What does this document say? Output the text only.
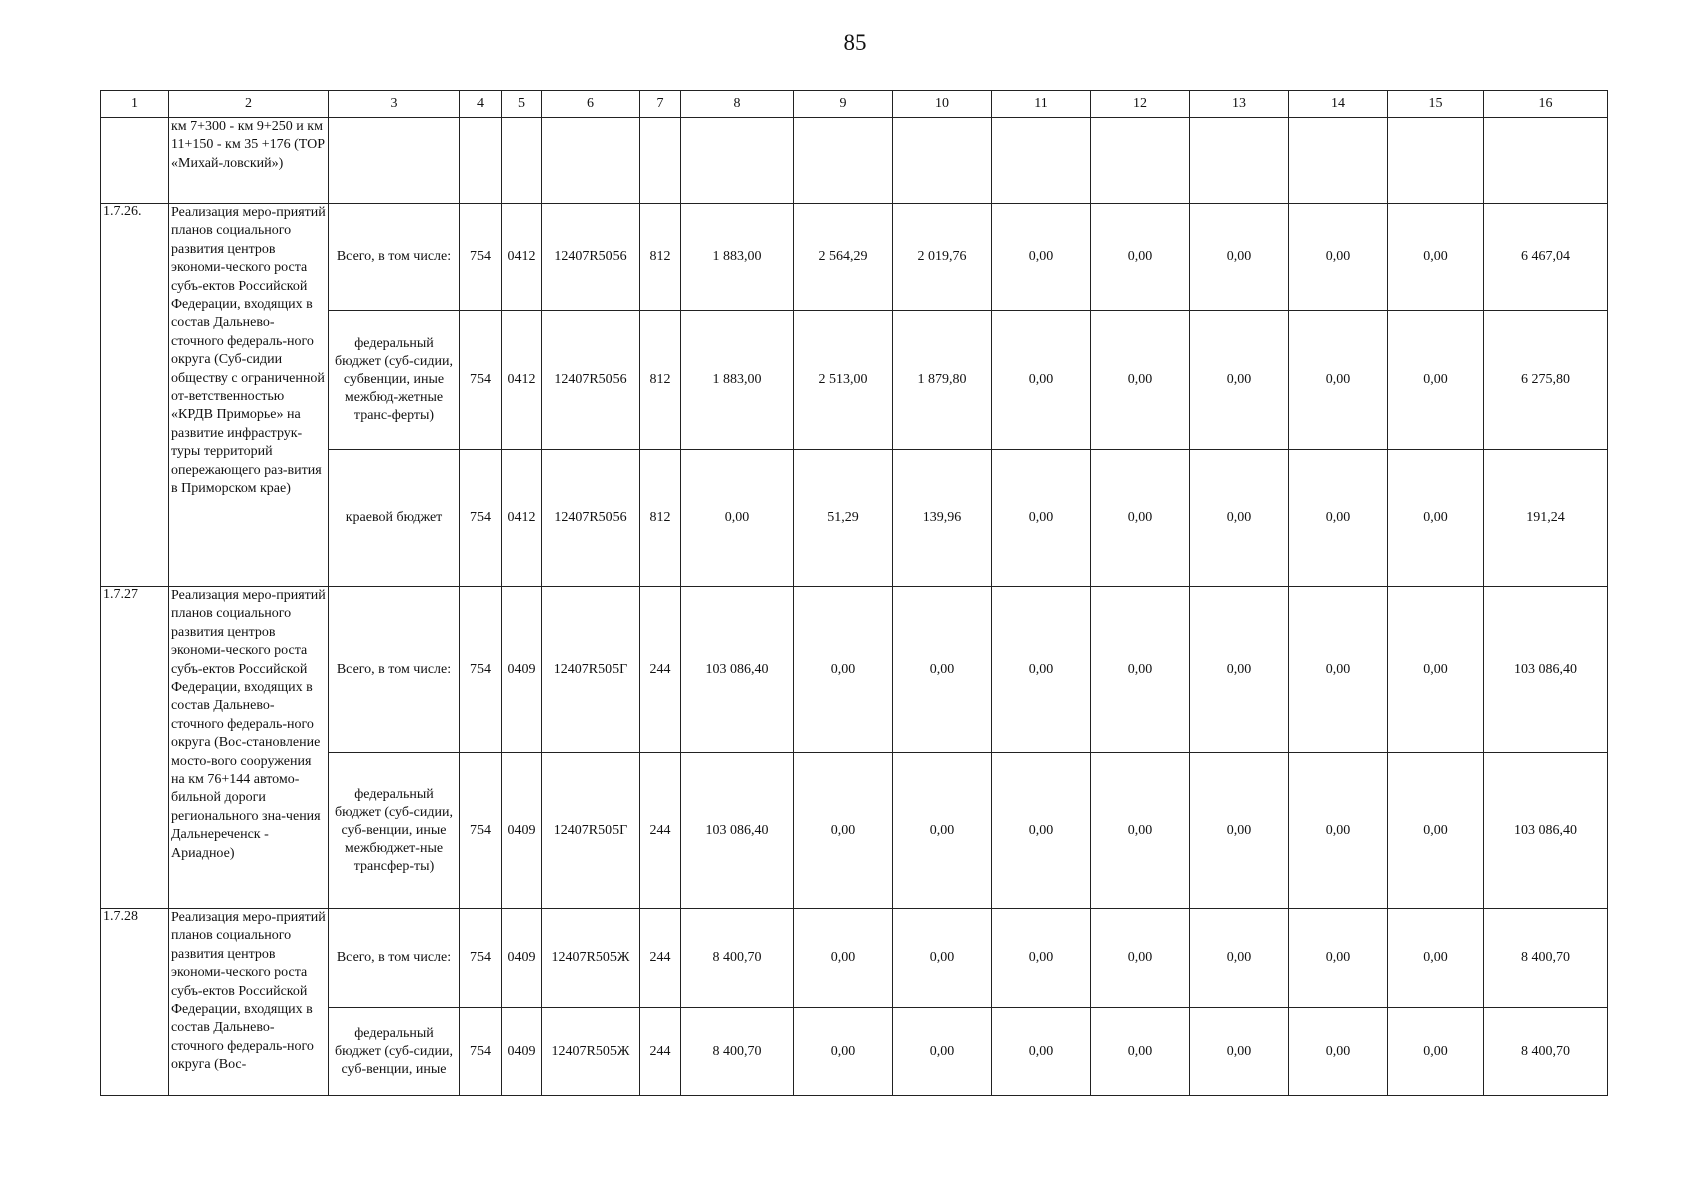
85
1	2	3	4	5	6	7	8	9	10	11	12	13	14	15	16
	км 7+300 - км 9+250 и км 11+150 - км 35 +176 (ТОР «Михай-ловский»)														
1.7.26.	Реализация меро-приятий планов социального развития центров экономи-ческого роста субъ-ектов Российской Федерации, входящих в состав Дальнево-сточного федераль-ного округа (Суб-сидии обществу с ограниченной от-ветственностью «КРДВ Приморье» на развитие инфраструк-туры территорий опережающего раз-вития в Приморском крае)	Всего, в том числе:	754	0412	12407R5056	812	1 883,00	2 564,29	2 019,76	0,00	0,00	0,00	0,00	0,00	6 467,04
		федеральный бюджет (суб-сидии, субвенции, иные межбюд-жетные транс-ферты)	754	0412	12407R5056	812	1 883,00	2 513,00	1 879,80	0,00	0,00	0,00	0,00	0,00	6 275,80
		краевой бюджет	754	0412	12407R5056	812	0,00	51,29	139,96	0,00	0,00	0,00	0,00	0,00	191,24
1.7.27	Реализация меро-приятий планов социального развития центров экономи-ческого роста субъ-ектов Российской Федерации, входящих в состав Дальнево-сточного федераль-ного округа (Вос-становление мосто-вого сооружения на км 76+144 автомо-бильной дороги регионального зна-чения Дальнереченск - Ариадное)	Всего, в том числе:	754	0409	12407R505Г	244	103 086,40	0,00	0,00	0,00	0,00	0,00	0,00	0,00	103 086,40
		федеральный бюджет (суб-сидии, суб-венции, иные межбюджет-ные трансфер-ты)	754	0409	12407R505Г	244	103 086,40	0,00	0,00	0,00	0,00	0,00	0,00	0,00	103 086,40
1.7.28	Реализация меро-приятий планов социального развития центров экономи-ческого роста субъ-ектов Российской Федерации, входящих в состав Дальнево-сточного федераль-ного округа (Вос-	Всего, в том числе:	754	0409	12407R505Ж	244	8 400,70	0,00	0,00	0,00	0,00	0,00	0,00	0,00	8 400,70
		федеральный бюджет (суб-сидии, суб-венции, иные	754	0409	12407R505Ж	244	8 400,70	0,00	0,00	0,00	0,00	0,00	0,00	0,00	8 400,70
